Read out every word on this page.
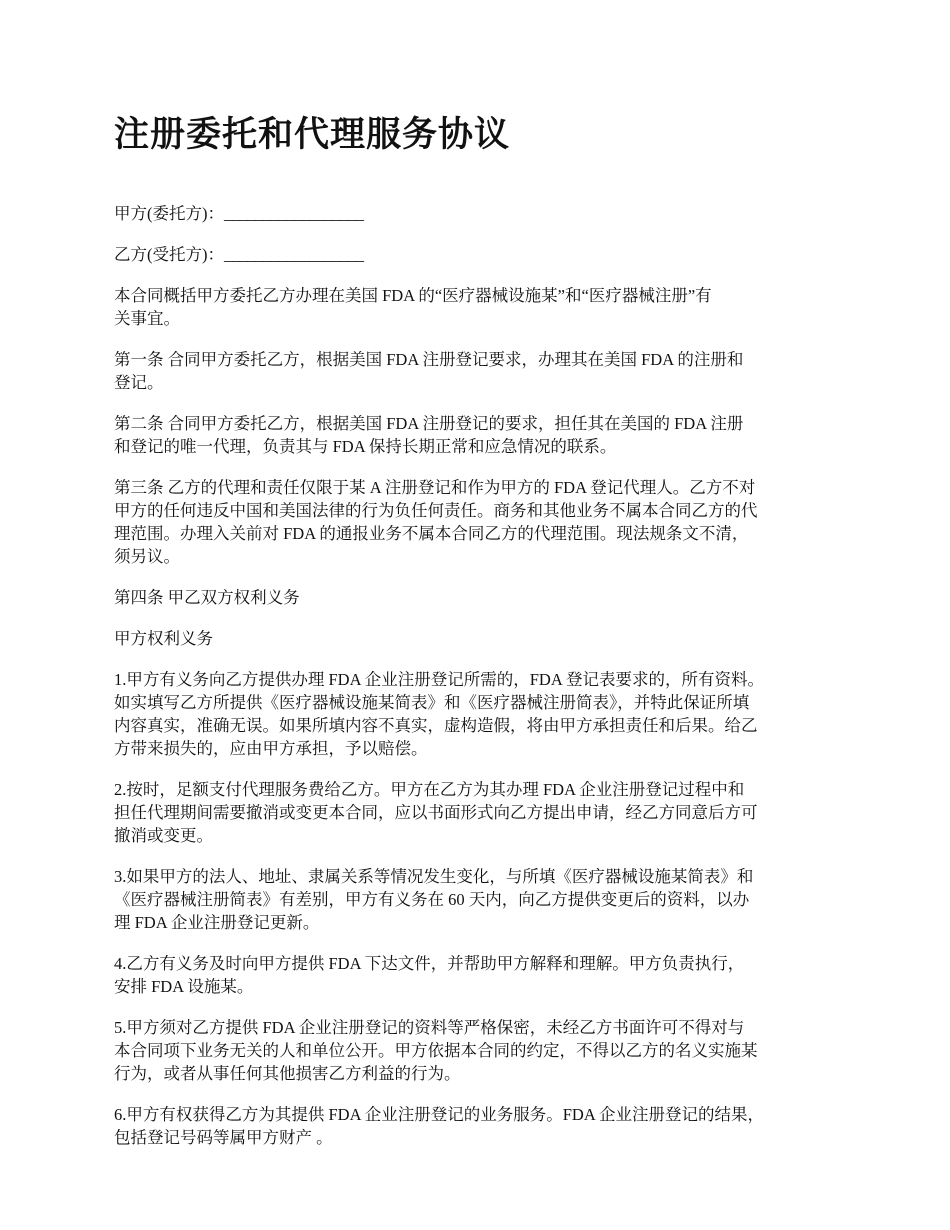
注册委托和代理服务协议
甲方(委托方)：__________________
乙方(受托方)：__________________
本合同概括甲方委托乙方办理在美国 FDA 的“医疗器械设施某”和“医疗器械注册”有
关事宜。
第一条 合同甲方委托乙方，根据美国 FDA 注册登记要求，办理其在美国 FDA 的注册和
登记。
第二条 合同甲方委托乙方，根据美国 FDA 注册登记的要求，担任其在美国的 FDA 注册
和登记的唯一代理，负责其与 FDA 保持长期正常和应急情况的联系。
第三条 乙方的代理和责任仅限于某 A 注册登记和作为甲方的 FDA 登记代理人。乙方不对
甲方的任何违反中国和美国法律的行为负任何责任。商务和其他业务不属本合同乙方的代
理范围。办理入关前对 FDA 的通报业务不属本合同乙方的代理范围。现法规条文不清，
须另议。
第四条 甲乙双方权利义务
甲方权利义务
1.甲方有义务向乙方提供办理 FDA 企业注册登记所需的，FDA 登记表要求的，所有资料。
如实填写乙方所提供《医疗器械设施某简表》和《医疗器械注册简表》，并特此保证所填
内容真实，准确无误。如果所填内容不真实，虚构造假，将由甲方承担责任和后果。给乙
方带来损失的，应由甲方承担，予以赔偿。
2.按时，足额支付代理服务费给乙方。甲方在乙方为其办理 FDA 企业注册登记过程中和
担任代理期间需要撤消或变更本合同，应以书面形式向乙方提出申请，经乙方同意后方可
撤消或变更。
3.如果甲方的法人、地址、隶属关系等情况发生变化，与所填《医疗器械设施某简表》和
《医疗器械注册简表》有差别，甲方有义务在 60 天内，向乙方提供变更后的资料，以办
理 FDA 企业注册登记更新。
4.乙方有义务及时向甲方提供 FDA 下达文件，并帮助甲方解释和理解。甲方负责执行，
安排 FDA 设施某。
5.甲方须对乙方提供 FDA 企业注册登记的资料等严格保密，未经乙方书面许可不得对与
本合同项下业务无关的人和单位公开。甲方依据本合同的约定，不得以乙方的名义实施某
行为，或者从事任何其他损害乙方利益的行为。
6.甲方有权获得乙方为其提供 FDA 企业注册登记的业务服务。FDA 企业注册登记的结果，
包括登记号码等属甲方财产 。
